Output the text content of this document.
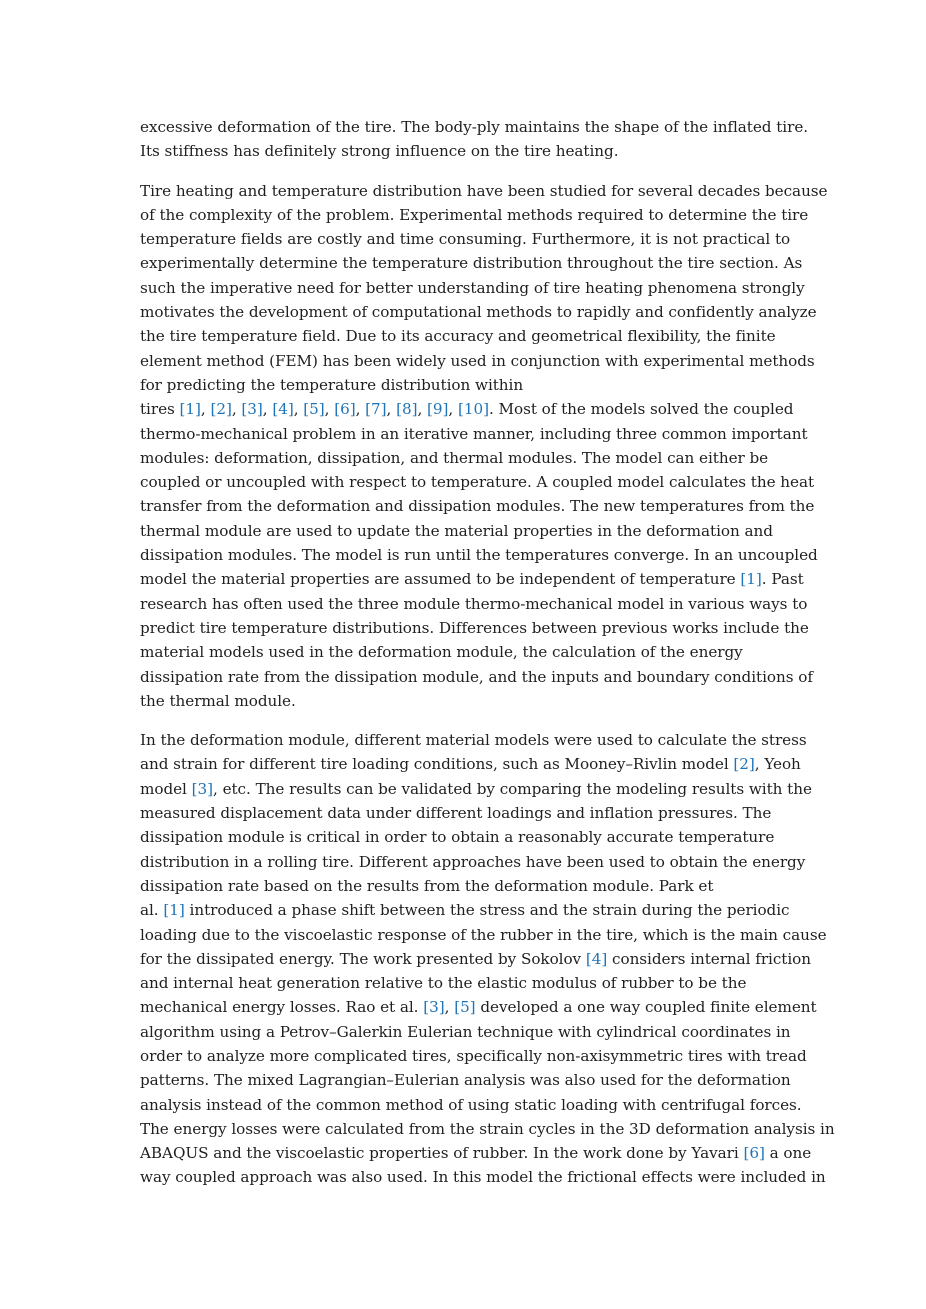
excessive deformation of the tire. The body-ply maintains the shape of the inflated tire.
Its stiffness has definitely strong influence on the tire heating.

Tire heating and temperature distribution have been studied for several decades because
of the complexity of the problem. Experimental methods required to determine the tire
temperature fields are costly and time consuming. Furthermore, it is not practical to
experimentally determine the temperature distribution throughout the tire section. As
such the imperative need for better understanding of tire heating phenomena strongly
motivates the development of computational methods to rapidly and confidently analyze
the tire temperature field. Due to its accuracy and geometrical flexibility, the finite
element method (FEM) has been widely used in conjunction with experimental methods
for predicting the temperature distribution within
tires [1], [2], [3], [4], [5], [6], [7], [8], [9], [10]. Most of the models solved the coupled
thermo-mechanical problem in an iterative manner, including three common important
modules: deformation, dissipation, and thermal modules. The model can either be
coupled or uncoupled with respect to temperature. A coupled model calculates the heat
transfer from the deformation and dissipation modules. The new temperatures from the
thermal module are used to update the material properties in the deformation and
dissipation modules. The model is run until the temperatures converge. In an uncoupled
model the material properties are assumed to be independent of temperature [1]. Past
research has often used the three module thermo-mechanical model in various ways to
predict tire temperature distributions. Differences between previous works include the
material models used in the deformation module, the calculation of the energy
dissipation rate from the dissipation module, and the inputs and boundary conditions of
the thermal module.

In the deformation module, different material models were used to calculate the stress
and strain for different tire loading conditions, such as Mooney–Rivlin model [2], Yeoh
model [3], etc. The results can be validated by comparing the modeling results with the
measured displacement data under different loadings and inflation pressures. The
dissipation module is critical in order to obtain a reasonably accurate temperature
distribution in a rolling tire. Different approaches have been used to obtain the energy
dissipation rate based on the results from the deformation module. Park et
al. [1] introduced a phase shift between the stress and the strain during the periodic
loading due to the viscoelastic response of the rubber in the tire, which is the main cause
for the dissipated energy. The work presented by Sokolov [4] considers internal friction
and internal heat generation relative to the elastic modulus of rubber to be the
mechanical energy losses. Rao et al. [3], [5] developed a one way coupled finite element
algorithm using a Petrov–Galerkin Eulerian technique with cylindrical coordinates in
order to analyze more complicated tires, specifically non-axisymmetric tires with tread
patterns. The mixed Lagrangian–Eulerian analysis was also used for the deformation
analysis instead of the common method of using static loading with centrifugal forces.
The energy losses were calculated from the strain cycles in the 3D deformation analysis in
ABAQUS and the viscoelastic properties of rubber. In the work done by Yavari [6] a one
way coupled approach was also used. In this model the frictional effects were included in
